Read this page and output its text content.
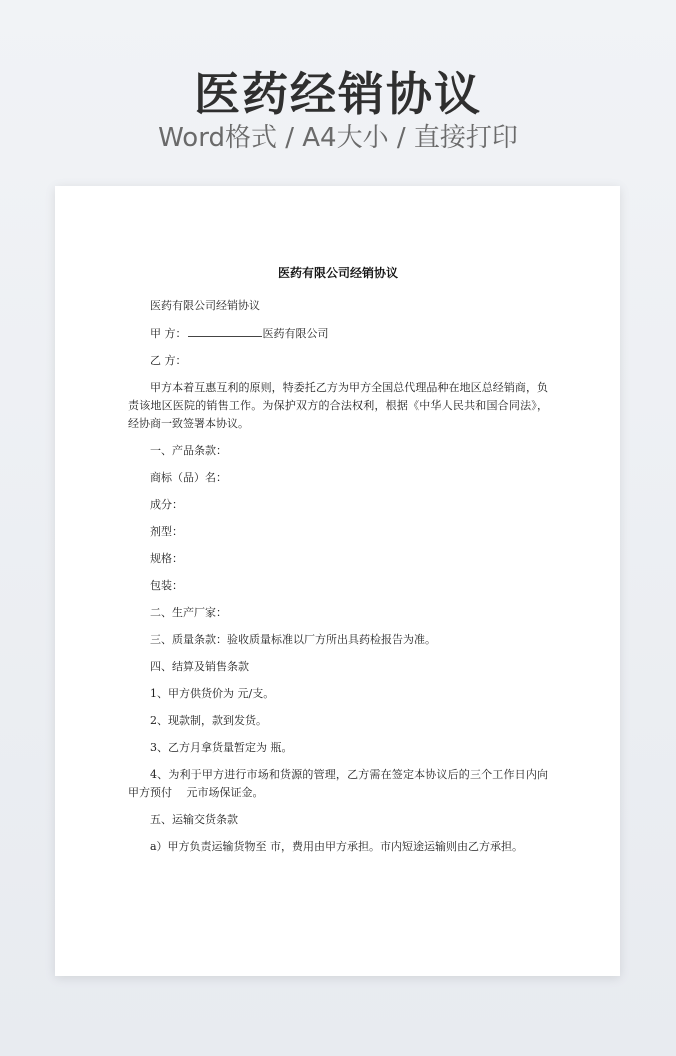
医药经销协议
Word格式 / A4大小 / 直接打印
医药有限公司经销协议
医药有限公司经销协议
甲 方：	医药有限公司
乙 方：
甲方本着互惠互利的原则，特委托乙方为甲方全国总代理品种在地区总经销商，负责该地区医院的销售工作。为保护双方的合法权利，根据《中华人民共和国合同法》，经协商一致签署本协议。
一、产品条款：
商标（品）名：
成分：
剂型：
规格：
包装：
二、生产厂家：
三、质量条款：验收质量标准以厂方所出具药检报告为准。
四、结算及销售条款
1、甲方供货价为 元/支。
2、现款制，款到发货。
3、乙方月拿货量暂定为 瓶。
4、为利于甲方进行市场和货源的管理，乙方需在签定本协议后的三个工作日内向甲方预付　 元市场保证金。
五、运输交货条款
a）甲方负责运输货物至 市，费用由甲方承担。市内短途运输则由乙方承担。
